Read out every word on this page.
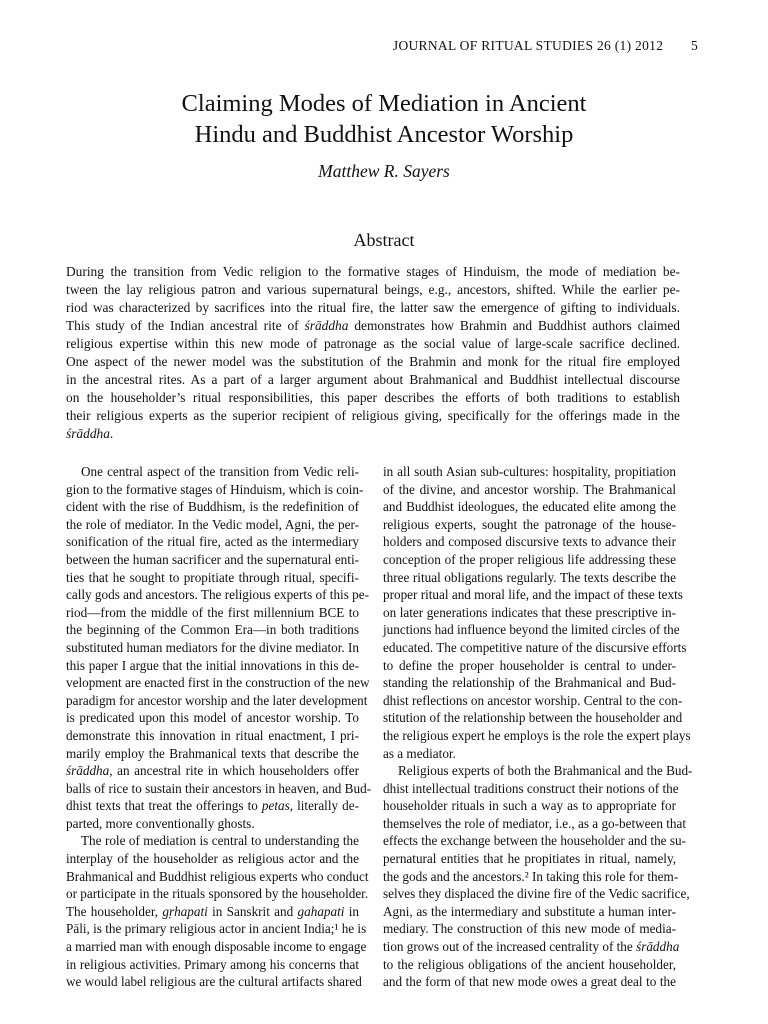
JOURNAL OF RITUAL STUDIES 26 (1) 2012 5
Claiming Modes of Mediation in Ancient
Hindu and Buddhist Ancestor Worship
Matthew R. Sayers
Abstract
During the transition from Vedic religion to the formative stages of Hinduism, the mode of mediation be-
tween the lay religious patron and various supernatural beings, e.g., ancestors, shifted. While the earlier pe-
riod was characterized by sacrifices into the ritual fire, the latter saw the emergence of gifting to individuals.
This study of the Indian ancestral rite of śrāddha demonstrates how Brahmin and Buddhist authors claimed
religious expertise within this new mode of patronage as the social value of large-scale sacrifice declined.
One aspect of the newer model was the substitution of the Brahmin and monk for the ritual fire employed
in the ancestral rites. As a part of a larger argument about Brahmanical and Buddhist intellectual discourse
on the householder’s ritual responsibilities, this paper describes the efforts of both traditions to establish
their religious experts as the superior recipient of religious giving, specifically for the offerings made in the
śrāddha.
One central aspect of the transition from Vedic reli-
gion to the formative stages of Hinduism, which is coin-
cident with the rise of Buddhism, is the redefinition of
the role of mediator. In the Vedic model, Agni, the per-
sonification of the ritual fire, acted as the intermediary
between the human sacrificer and the supernatural enti-
ties that he sought to propitiate through ritual, specifi-
cally gods and ancestors. The religious experts of this pe-
riod—from the middle of the first millennium BCE to
the beginning of the Common Era—in both traditions
substituted human mediators for the divine mediator. In
this paper I argue that the initial innovations in this de-
velopment are enacted first in the construction of the new
paradigm for ancestor worship and the later development
is predicated upon this model of ancestor worship. To
demonstrate this innovation in ritual enactment, I pri-
marily employ the Brahmanical texts that describe the
śrāddha, an ancestral rite in which householders offer
balls of rice to sustain their ancestors in heaven, and Bud-
dhist texts that treat the offerings to petas, literally de-
parted, more conventionally ghosts.
The role of mediation is central to understanding the
interplay of the householder as religious actor and the
Brahmanical and Buddhist religious experts who conduct
or participate in the rituals sponsored by the householder.
The householder, gṛhapati in Sanskrit and gahapati in
Pāli, is the primary religious actor in ancient India;¹ he is
a married man with enough disposable income to engage
in religious activities. Primary among his concerns that
we would label religious are the cultural artifacts shared
in all south Asian sub-cultures: hospitality, propitiation
of the divine, and ancestor worship. The Brahmanical
and Buddhist ideologues, the educated elite among the
religious experts, sought the patronage of the house-
holders and composed discursive texts to advance their
conception of the proper religious life addressing these
three ritual obligations regularly. The texts describe the
proper ritual and moral life, and the impact of these texts
on later generations indicates that these prescriptive in-
junctions had influence beyond the limited circles of the
educated. The competitive nature of the discursive efforts
to define the proper householder is central to under-
standing the relationship of the Brahmanical and Bud-
dhist reflections on ancestor worship. Central to the con-
stitution of the relationship between the householder and
the religious expert he employs is the role the expert plays
as a mediator.
Religious experts of both the Brahmanical and the Bud-
dhist intellectual traditions construct their notions of the
householder rituals in such a way as to appropriate for
themselves the role of mediator, i.e., as a go-between that
effects the exchange between the householder and the su-
pernatural entities that he propitiates in ritual, namely,
the gods and the ancestors.² In taking this role for them-
selves they displaced the divine fire of the Vedic sacrifice,
Agni, as the intermediary and substitute a human inter-
mediary. The construction of this new mode of media-
tion grows out of the increased centrality of the śrāddha
to the religious obligations of the ancient householder,
and the form of that new mode owes a great deal to the
